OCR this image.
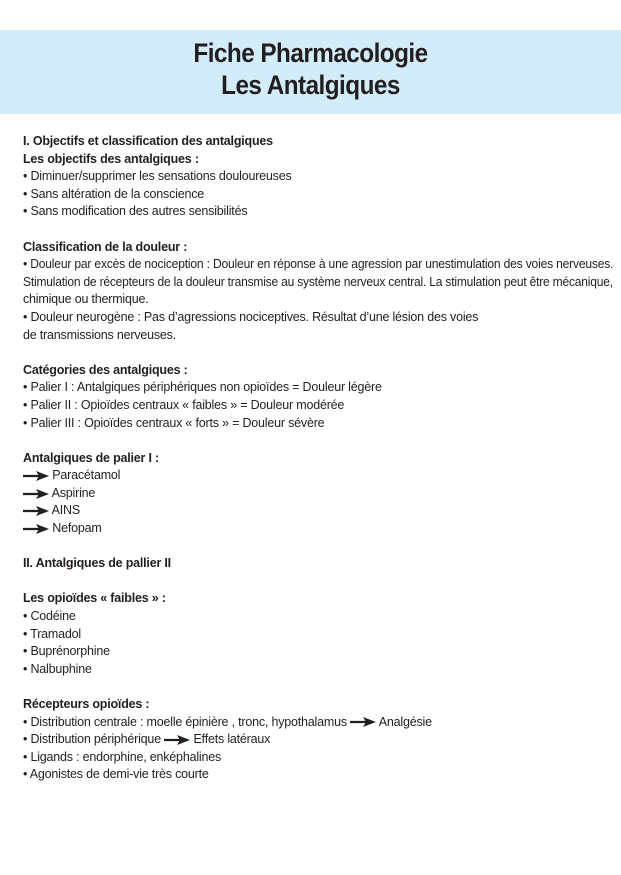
Fiche Pharmacologie
Les Antalgiques
I. Objectifs et classification des antalgiques
Les objectifs des antalgiques :
• Diminuer/supprimer les sensations douloureuses
• Sans altération de la conscience
• Sans modification des autres sensibilités
Classification de la douleur :
• Douleur par excès de nociception : Douleur en réponse à une agression par unestimulation des voies nerveuses.
Stimulation de récepteurs de la douleur transmise au système nerveux central. La stimulation peut être mécanique,
chimique ou thermique.
• Douleur neurogène : Pas d’agressions nociceptives. Résultat d’une lésion des voies
de transmissions nerveuses.
Catégories des antalgiques :
• Palier I : Antalgiques périphériques non opioïdes = Douleur légère
• Palier II : Opioïdes centraux « faibles » = Douleur modérée
• Palier III : Opioïdes centraux « forts » = Douleur sévère
Antalgiques de palier I :
Paracétamol
Aspirine
AINS
Nefopam
II. Antalgiques de pallier II
Les opioïdes « faibles » :
• Codéine
• Tramadol
• Buprénorphine
• Nalbuphine
Récepteurs opioïdes :
• Distribution centrale : moelle épinière , tronc, hypothalamus	Analgésie
• Distribution périphérique	Effets latéraux
• Ligands : endorphine, enképhalines
• Agonistes de demi-vie très courte
